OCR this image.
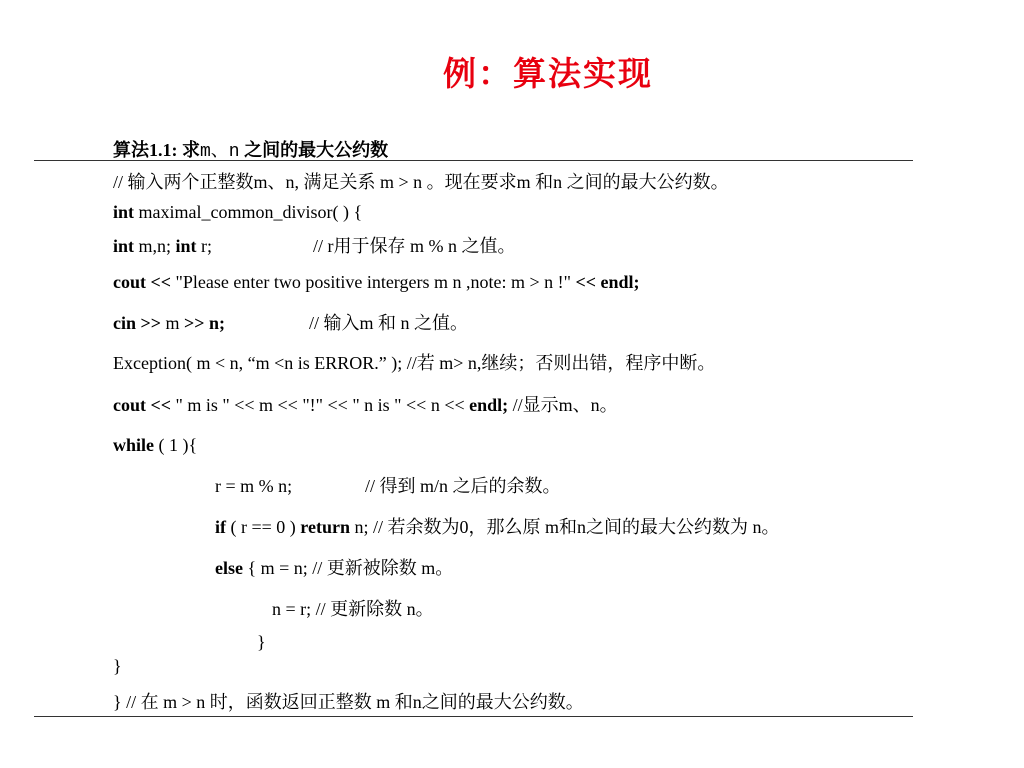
例：算法实现
算法1.1: 求m、n 之间的最大公约数
// 输入两个正整数m、n, 满足关系 m > n 。现在要求m 和n 之间的最大公约数。
int maximal_common_divisor( ) {
int m,n; int r;	// r用于保存 m % n 之值。
cout << "Please enter two positive intergers m n ,note: m > n !" << endl;
cin >> m >> n;	// 输入m 和 n 之值。
Exception( m < n, “m <n is ERROR.” ); //若 m> n,继续；否则出错，程序中断。
cout << " m is " << m << "!" << " n is " << n << endl; //显示m、n。
while ( 1 ){
r = m % n;	// 得到 m/n 之后的余数。
if ( r == 0 ) return n; // 若余数为0，那么原 m和n之间的最大公约数为 n。
else { m = n; // 更新被除数 m。
n = r; // 更新除数 n。
}
}
} // 在 m > n 时，函数返回正整数 m 和n之间的最大公约数。
